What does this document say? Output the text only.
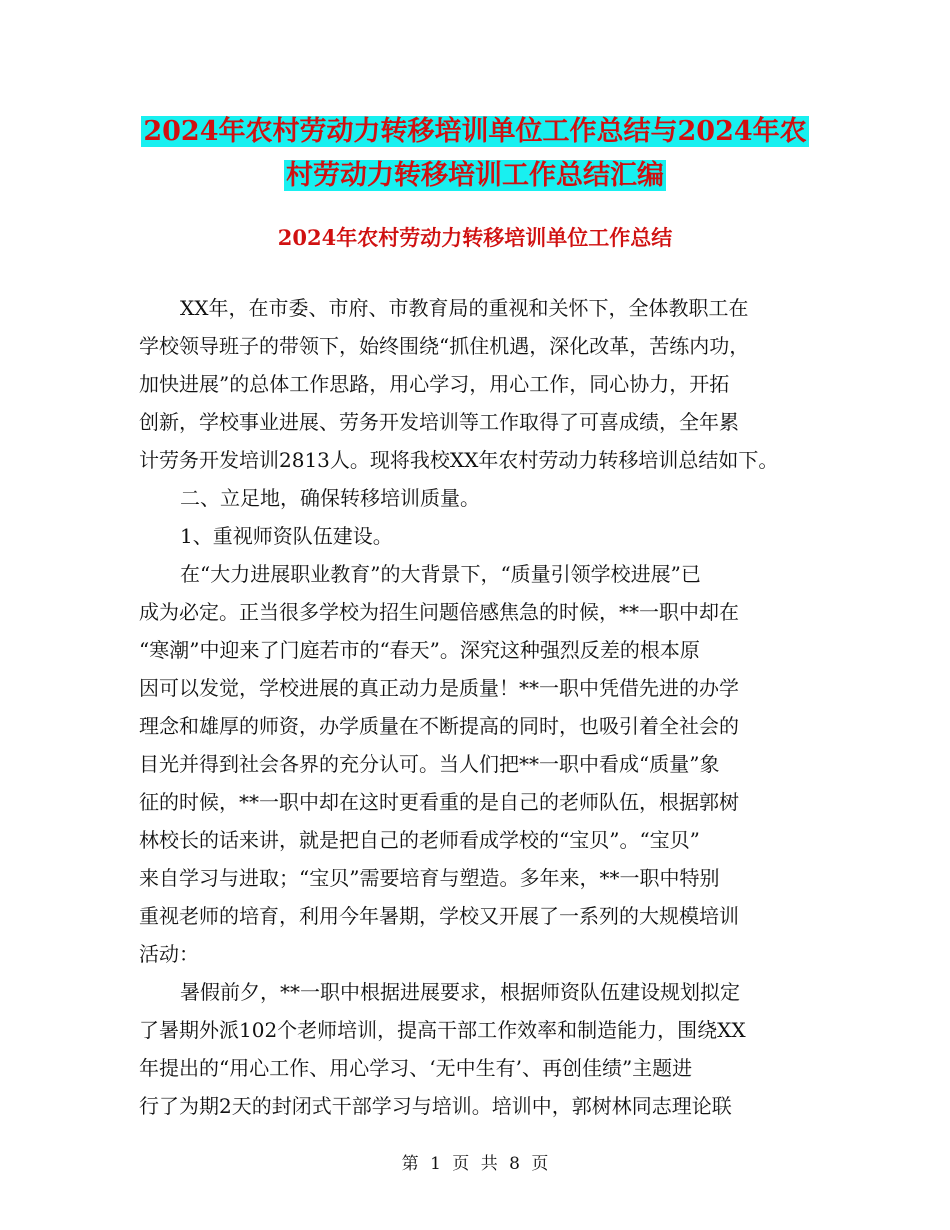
2024年农村劳动力转移培训单位工作总结与2024年农
村劳动力转移培训工作总结汇编
2024年农村劳动力转移培训单位工作总结
XX年，在市委、市府、市教育局的重视和关怀下，全体教职工在
学校领导班子的带领下，始终围绕“抓住机遇，深化改革，苦练内功，
加快进展”的总体工作思路，用心学习，用心工作，同心协力，开拓
创新，学校事业进展、劳务开发培训等工作取得了可喜成绩，全年累
计劳务开发培训2813人。现将我校XX年农村劳动力转移培训总结如下。
二、立足地，确保转移培训质量。
1、重视师资队伍建设。
在“大力进展职业教育”的大背景下，“质量引领学校进展”已
成为必定。正当很多学校为招生问题倍感焦急的时候，**一职中却在
“寒潮”中迎来了门庭若市的“春天”。深究这种强烈反差的根本原
因可以发觉，学校进展的真正动力是质量！**一职中凭借先进的办学
理念和雄厚的师资，办学质量在不断提高的同时，也吸引着全社会的
目光并得到社会各界的充分认可。当人们把**一职中看成“质量”象
征的时候，**一职中却在这时更看重的是自己的老师队伍，根据郭树
林校长的话来讲，就是把自己的老师看成学校的“宝贝”。“宝贝”
来自学习与进取；“宝贝”需要培育与塑造。多年来，**一职中特别
重视老师的培育，利用今年暑期，学校又开展了一系列的大规模培训
活动：
暑假前夕，**一职中根据进展要求，根据师资队伍建设规划拟定
了暑期外派102个老师培训，提高干部工作效率和制造能力，围绕XX
年提出的“用心工作、用心学习、‘无中生有’、再创佳绩”主题进
行了为期2天的封闭式干部学习与培训。培训中，郭树林同志理论联
第 1 页 共 8 页
